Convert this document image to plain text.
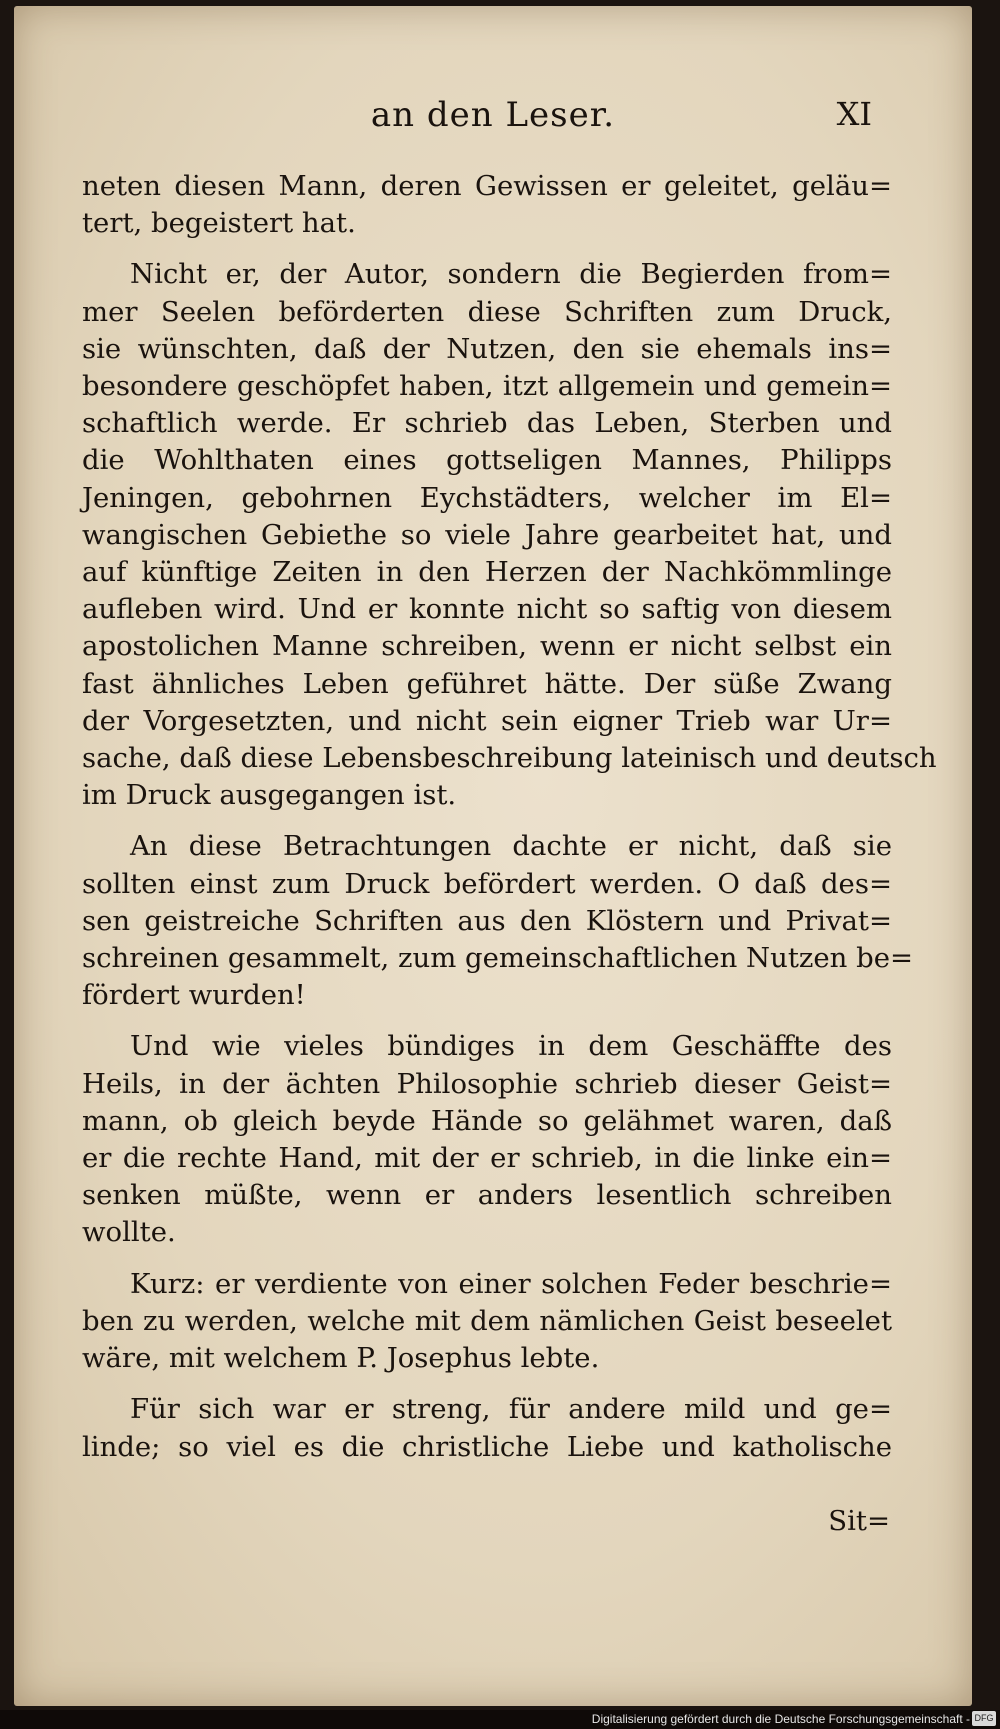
an den Leser.	XI
neten diesen Mann, deren Gewissen er geleitet, geläu=
tert, begeistert hat.
Nicht er, der Autor, sondern die Begierden from=
mer Seelen beförderten diese Schriften zum Druck,
sie wünschten, daß der Nutzen, den sie ehemals ins=
besondere geschöpfet haben, itzt allgemein und gemein=
schaftlich werde. Er schrieb das Leben, Sterben und
die Wohlthaten eines gottseligen Mannes, Philipps
Jeningen, gebohrnen Eychstädters, welcher im El=
wangischen Gebiethe so viele Jahre gearbeitet hat, und
auf künftige Zeiten in den Herzen der Nachkömmlinge
aufleben wird. Und er konnte nicht so saftig von diesem
apostolichen Manne schreiben, wenn er nicht selbst ein
fast ähnliches Leben geführet hätte. Der süße Zwang
der Vorgesetzten, und nicht sein eigner Trieb war Ur=
sache, daß diese Lebensbeschreibung lateinisch und deutsch
im Druck ausgegangen ist.
An diese Betrachtungen dachte er nicht, daß sie
sollten einst zum Druck befördert werden. O daß des=
sen geistreiche Schriften aus den Klöstern und Privat=
schreinen gesammelt, zum gemeinschaftlichen Nutzen be=
fördert wurden!
Und wie vieles bündiges in dem Geschäffte des
Heils, in der ächten Philosophie schrieb dieser Geist=
mann, ob gleich beyde Hände so gelähmet waren, daß
er die rechte Hand, mit der er schrieb, in die linke ein=
senken müßte, wenn er anders lesentlich schreiben
wollte.
Kurz: er verdiente von einer solchen Feder beschrie=
ben zu werden, welche mit dem nämlichen Geist beseelet
wäre, mit welchem P. Josephus lebte.
Für sich war er streng, für andere mild und ge=
linde; so viel es die christliche Liebe und katholische
Sit=
Digitalisierung gefördert durch die Deutsche Forschungsgemeinschaft - DFG
